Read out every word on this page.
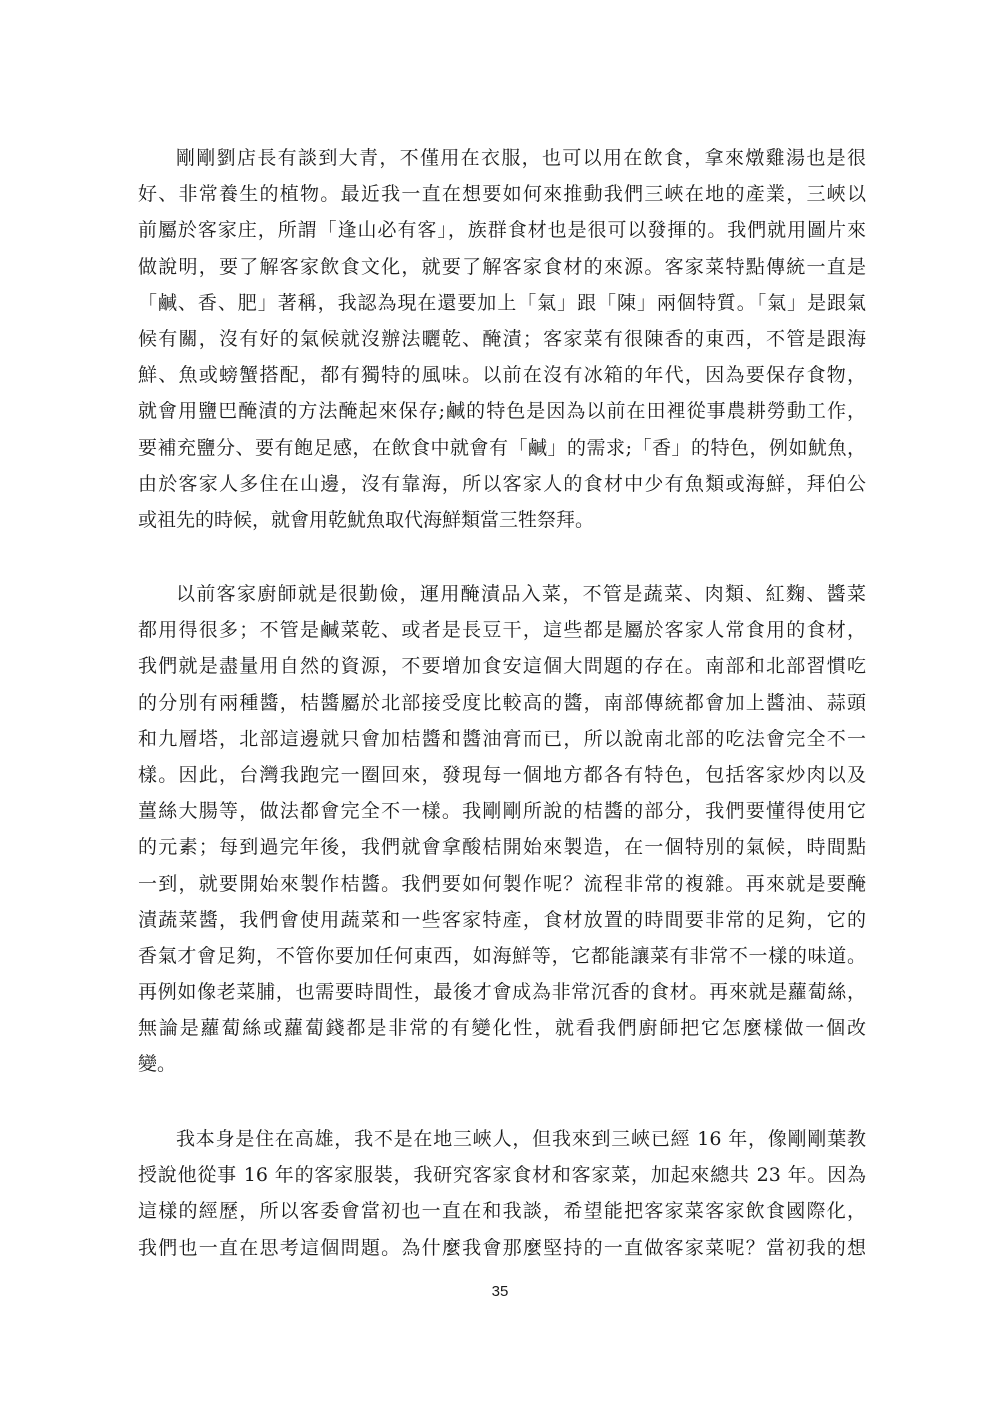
剛剛劉店長有談到大青，不僅用在衣服，也可以用在飲食，拿來燉雞湯也是很
好、非常養生的植物。最近我一直在想要如何來推動我們三峽在地的產業，三峽以
前屬於客家庄，所謂「逢山必有客」，族群食材也是很可以發揮的。我們就用圖片來
做說明，要了解客家飲食文化，就要了解客家食材的來源。客家菜特點傳統一直是
「鹹、香、肥」著稱，我認為現在還要加上「氣」跟「陳」兩個特質。「氣」是跟氣
候有關，沒有好的氣候就沒辦法曬乾、醃漬；客家菜有很陳香的東西，不管是跟海
鮮、魚或螃蟹搭配，都有獨特的風味。以前在沒有冰箱的年代，因為要保存食物，
就會用鹽巴醃漬的方法醃起來保存;鹹的特色是因為以前在田裡從事農耕勞動工作，
要補充鹽分、要有飽足感，在飲食中就會有「鹹」的需求;「香」的特色，例如魷魚，
由於客家人多住在山邊，沒有靠海，所以客家人的食材中少有魚類或海鮮，拜伯公
或祖先的時候，就會用乾魷魚取代海鮮類當三牲祭拜。
以前客家廚師就是很勤儉，運用醃漬品入菜，不管是蔬菜、肉類、紅麴、醬菜
都用得很多；不管是鹹菜乾、或者是長豆干，這些都是屬於客家人常食用的食材，
我們就是盡量用自然的資源，不要增加食安這個大問題的存在。南部和北部習慣吃
的分別有兩種醬，桔醬屬於北部接受度比較高的醬，南部傳統都會加上醬油、蒜頭
和九層塔，北部這邊就只會加桔醬和醬油膏而已，所以說南北部的吃法會完全不一
樣。因此，台灣我跑完一圈回來，發現每一個地方都各有特色，包括客家炒肉以及
薑絲大腸等，做法都會完全不一樣。我剛剛所說的桔醬的部分，我們要懂得使用它
的元素；每到過完年後，我們就會拿酸桔開始來製造，在一個特別的氣候，時間點
一到，就要開始來製作桔醬。我們要如何製作呢？流程非常的複雜。再來就是要醃
漬蔬菜醬，我們會使用蔬菜和一些客家特產，食材放置的時間要非常的足夠，它的
香氣才會足夠，不管你要加任何東西，如海鮮等，它都能讓菜有非常不一樣的味道。
再例如像老菜脯，也需要時間性，最後才會成為非常沉香的食材。再來就是蘿蔔絲，
無論是蘿蔔絲或蘿蔔錢都是非常的有變化性，就看我們廚師把它怎麼樣做一個改
變。
我本身是住在高雄，我不是在地三峽人，但我來到三峽已經 16 年，像剛剛葉教
授說他從事 16 年的客家服裝，我研究客家食材和客家菜，加起來總共 23 年。因為
這樣的經歷，所以客委會當初也一直在和我談，希望能把客家菜客家飲食國際化，
我們也一直在思考這個問題。為什麼我會那麼堅持的一直做客家菜呢？當初我的想
35
